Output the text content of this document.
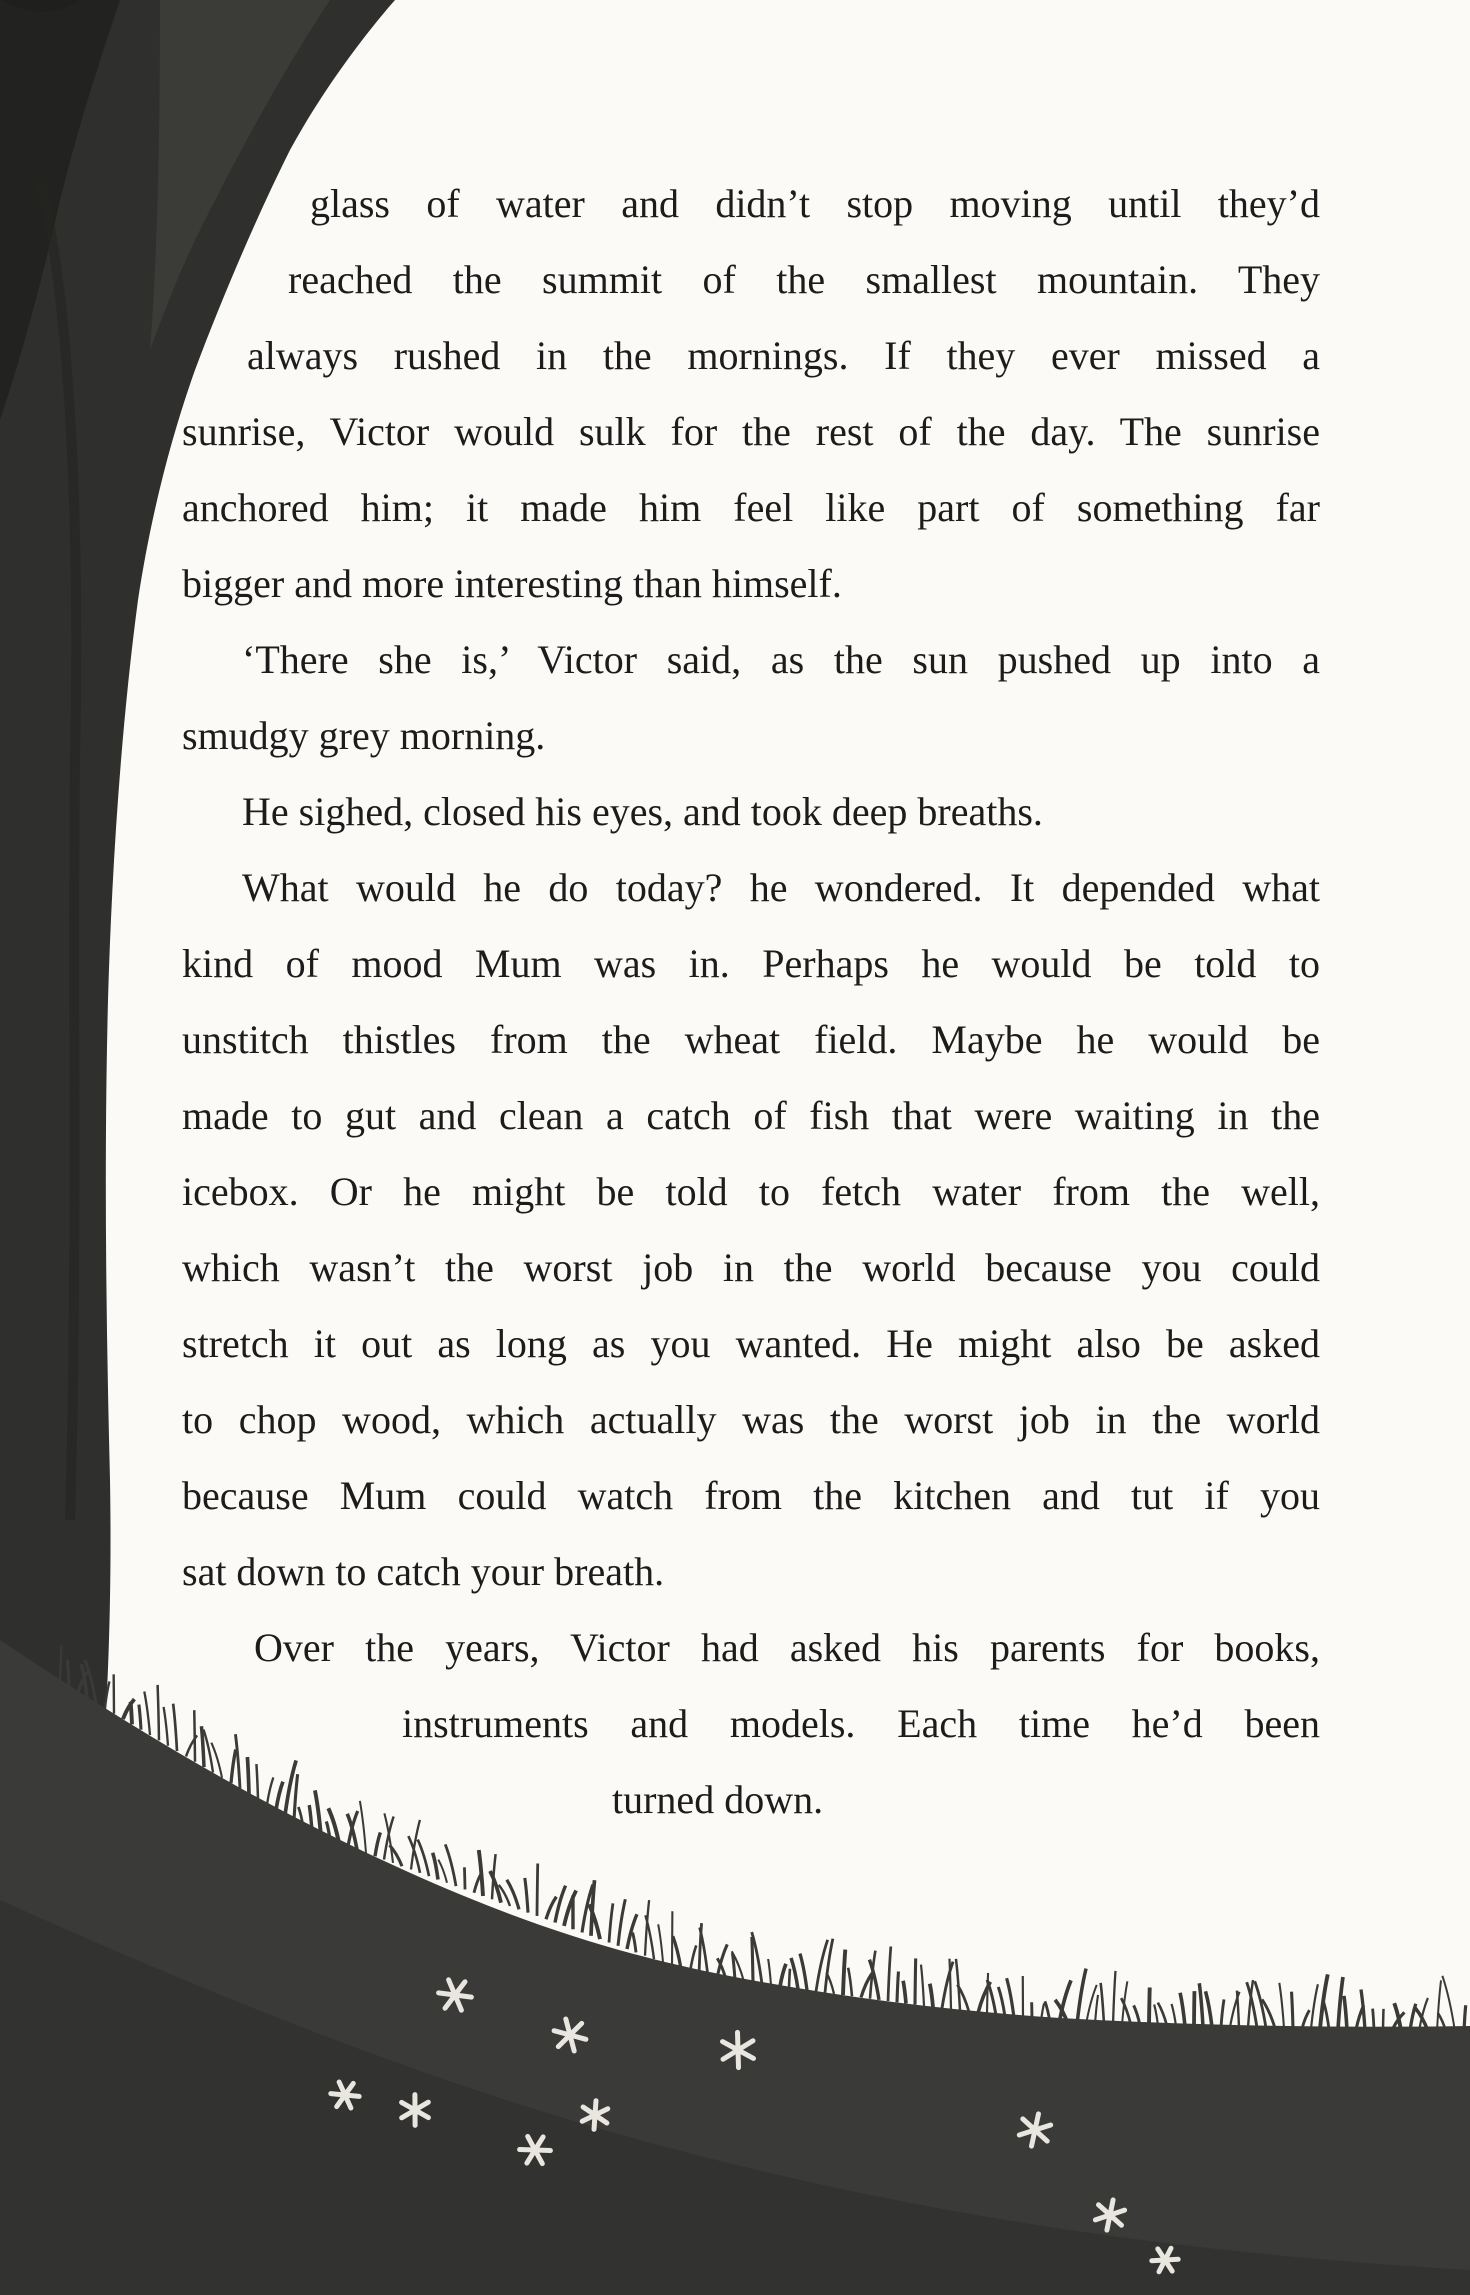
glass of water and didn’t stop moving until they’d

reached the summit of the smallest mountain. They

always rushed in the mornings. If they ever missed a

sunrise, Victor would sulk for the rest of the day. The sunrise

anchored him; it made him feel like part of something far

bigger and more interesting than himself.

‘There she is,’ Victor said, as the sun pushed up into a

smudgy grey morning.

He sighed, closed his eyes, and took deep breaths.

What would he do today? he wondered. It depended what

kind of mood Mum was in. Perhaps he would be told to

unstitch thistles from the wheat field. Maybe he would be

made to gut and clean a catch of fish that were waiting in the

icebox. Or he might be told to fetch water from the well,

which wasn’t the worst job in the world because you could

stretch it out as long as you wanted. He might also be asked

to chop wood, which actually was the worst job in the world

because Mum could watch from the kitchen and tut if you

sat down to catch your breath.

Over the years, Victor had asked his parents for books,

instruments and models. Each time he’d been

turned down.
